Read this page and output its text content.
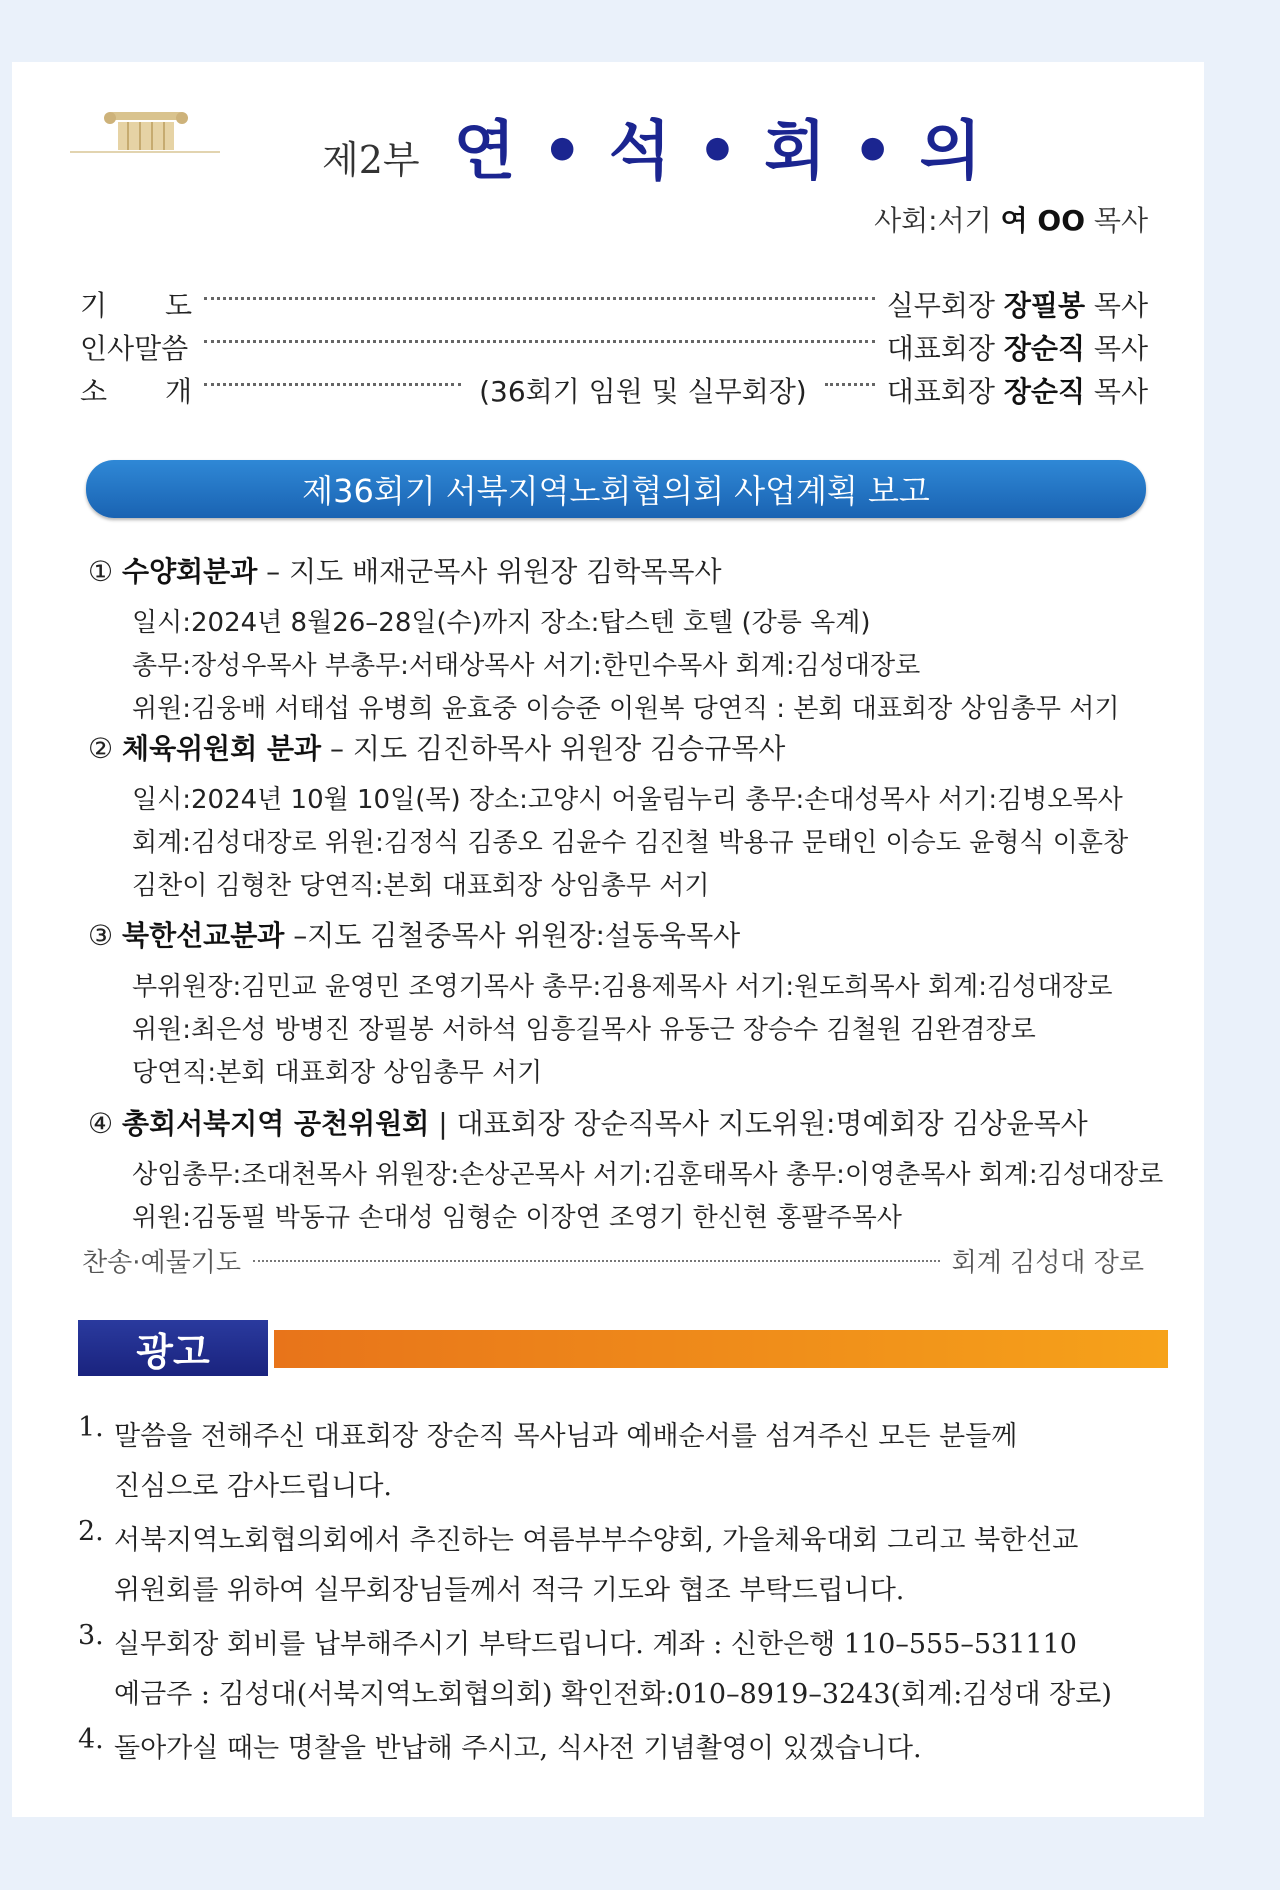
제2부 연 • 석 • 회 • 의
사회:서기 여 OO 목사
기 도	실무회장 장필봉 목사
인사말씀	대표회장 장순직 목사
소 개	(36회기 임원 및 실무회장)	대표회장 장순직 목사
제36회기 서북지역노회협의회 사업계획 보고
① 수양회분과 – 지도 배재군목사 위원장 김학목목사
일시:2024년 8월26–28일(수)까지 장소:탑스텐 호텔 (강릉 옥계)
총무:장성우목사 부총무:서태상목사 서기:한민수목사 회계:김성대장로
위원:김웅배 서태섭 유병희 윤효중 이승준 이원복 당연직 : 본회 대표회장 상임총무 서기
② 체육위원회 분과 – 지도 김진하목사 위원장 김승규목사
일시:2024년 10월 10일(목) 장소:고양시 어울림누리 총무:손대성목사 서기:김병오목사
회계:김성대장로 위원:김정식 김종오 김윤수 김진철 박용규 문태인 이승도 윤형식 이훈창
김찬이 김형찬 당연직:본회 대표회장 상임총무 서기
③ 북한선교분과 –지도 김철중목사 위원장:설동욱목사
부위원장:김민교 윤영민 조영기목사 총무:김용제목사 서기:원도희목사 회계:김성대장로
위원:최은성 방병진 장필봉 서하석 임흥길목사 유동근 장승수 김철원 김완겸장로
당연직:본회 대표회장 상임총무 서기
④ 총회서북지역 공천위원회 | 대표회장 장순직목사 지도위원:명예회장 김상윤목사
상임총무:조대천목사 위원장:손상곤목사 서기:김훈태목사 총무:이영춘목사 회계:김성대장로
위원:김동필 박동규 손대성 임형순 이장연 조영기 한신현 홍팔주목사
찬송·예물기도	회계 김성대 장로
광고
1. 말씀을 전해주신 대표회장 장순직 목사님과 예배순서를 섬겨주신 모든 분들께
진심으로 감사드립니다.
2. 서북지역노회협의회에서 추진하는 여름부부수양회, 가을체육대회 그리고 북한선교
위원회를 위하여 실무회장님들께서 적극 기도와 협조 부탁드립니다.
3. 실무회장 회비를 납부해주시기 부탁드립니다. 계좌 : 신한은행 110–555–531110
예금주 : 김성대(서북지역노회협의회) 확인전화:010–8919–3243(회계:김성대 장로)
4. 돌아가실 때는 명찰을 반납해 주시고, 식사전 기념촬영이 있겠습니다.
